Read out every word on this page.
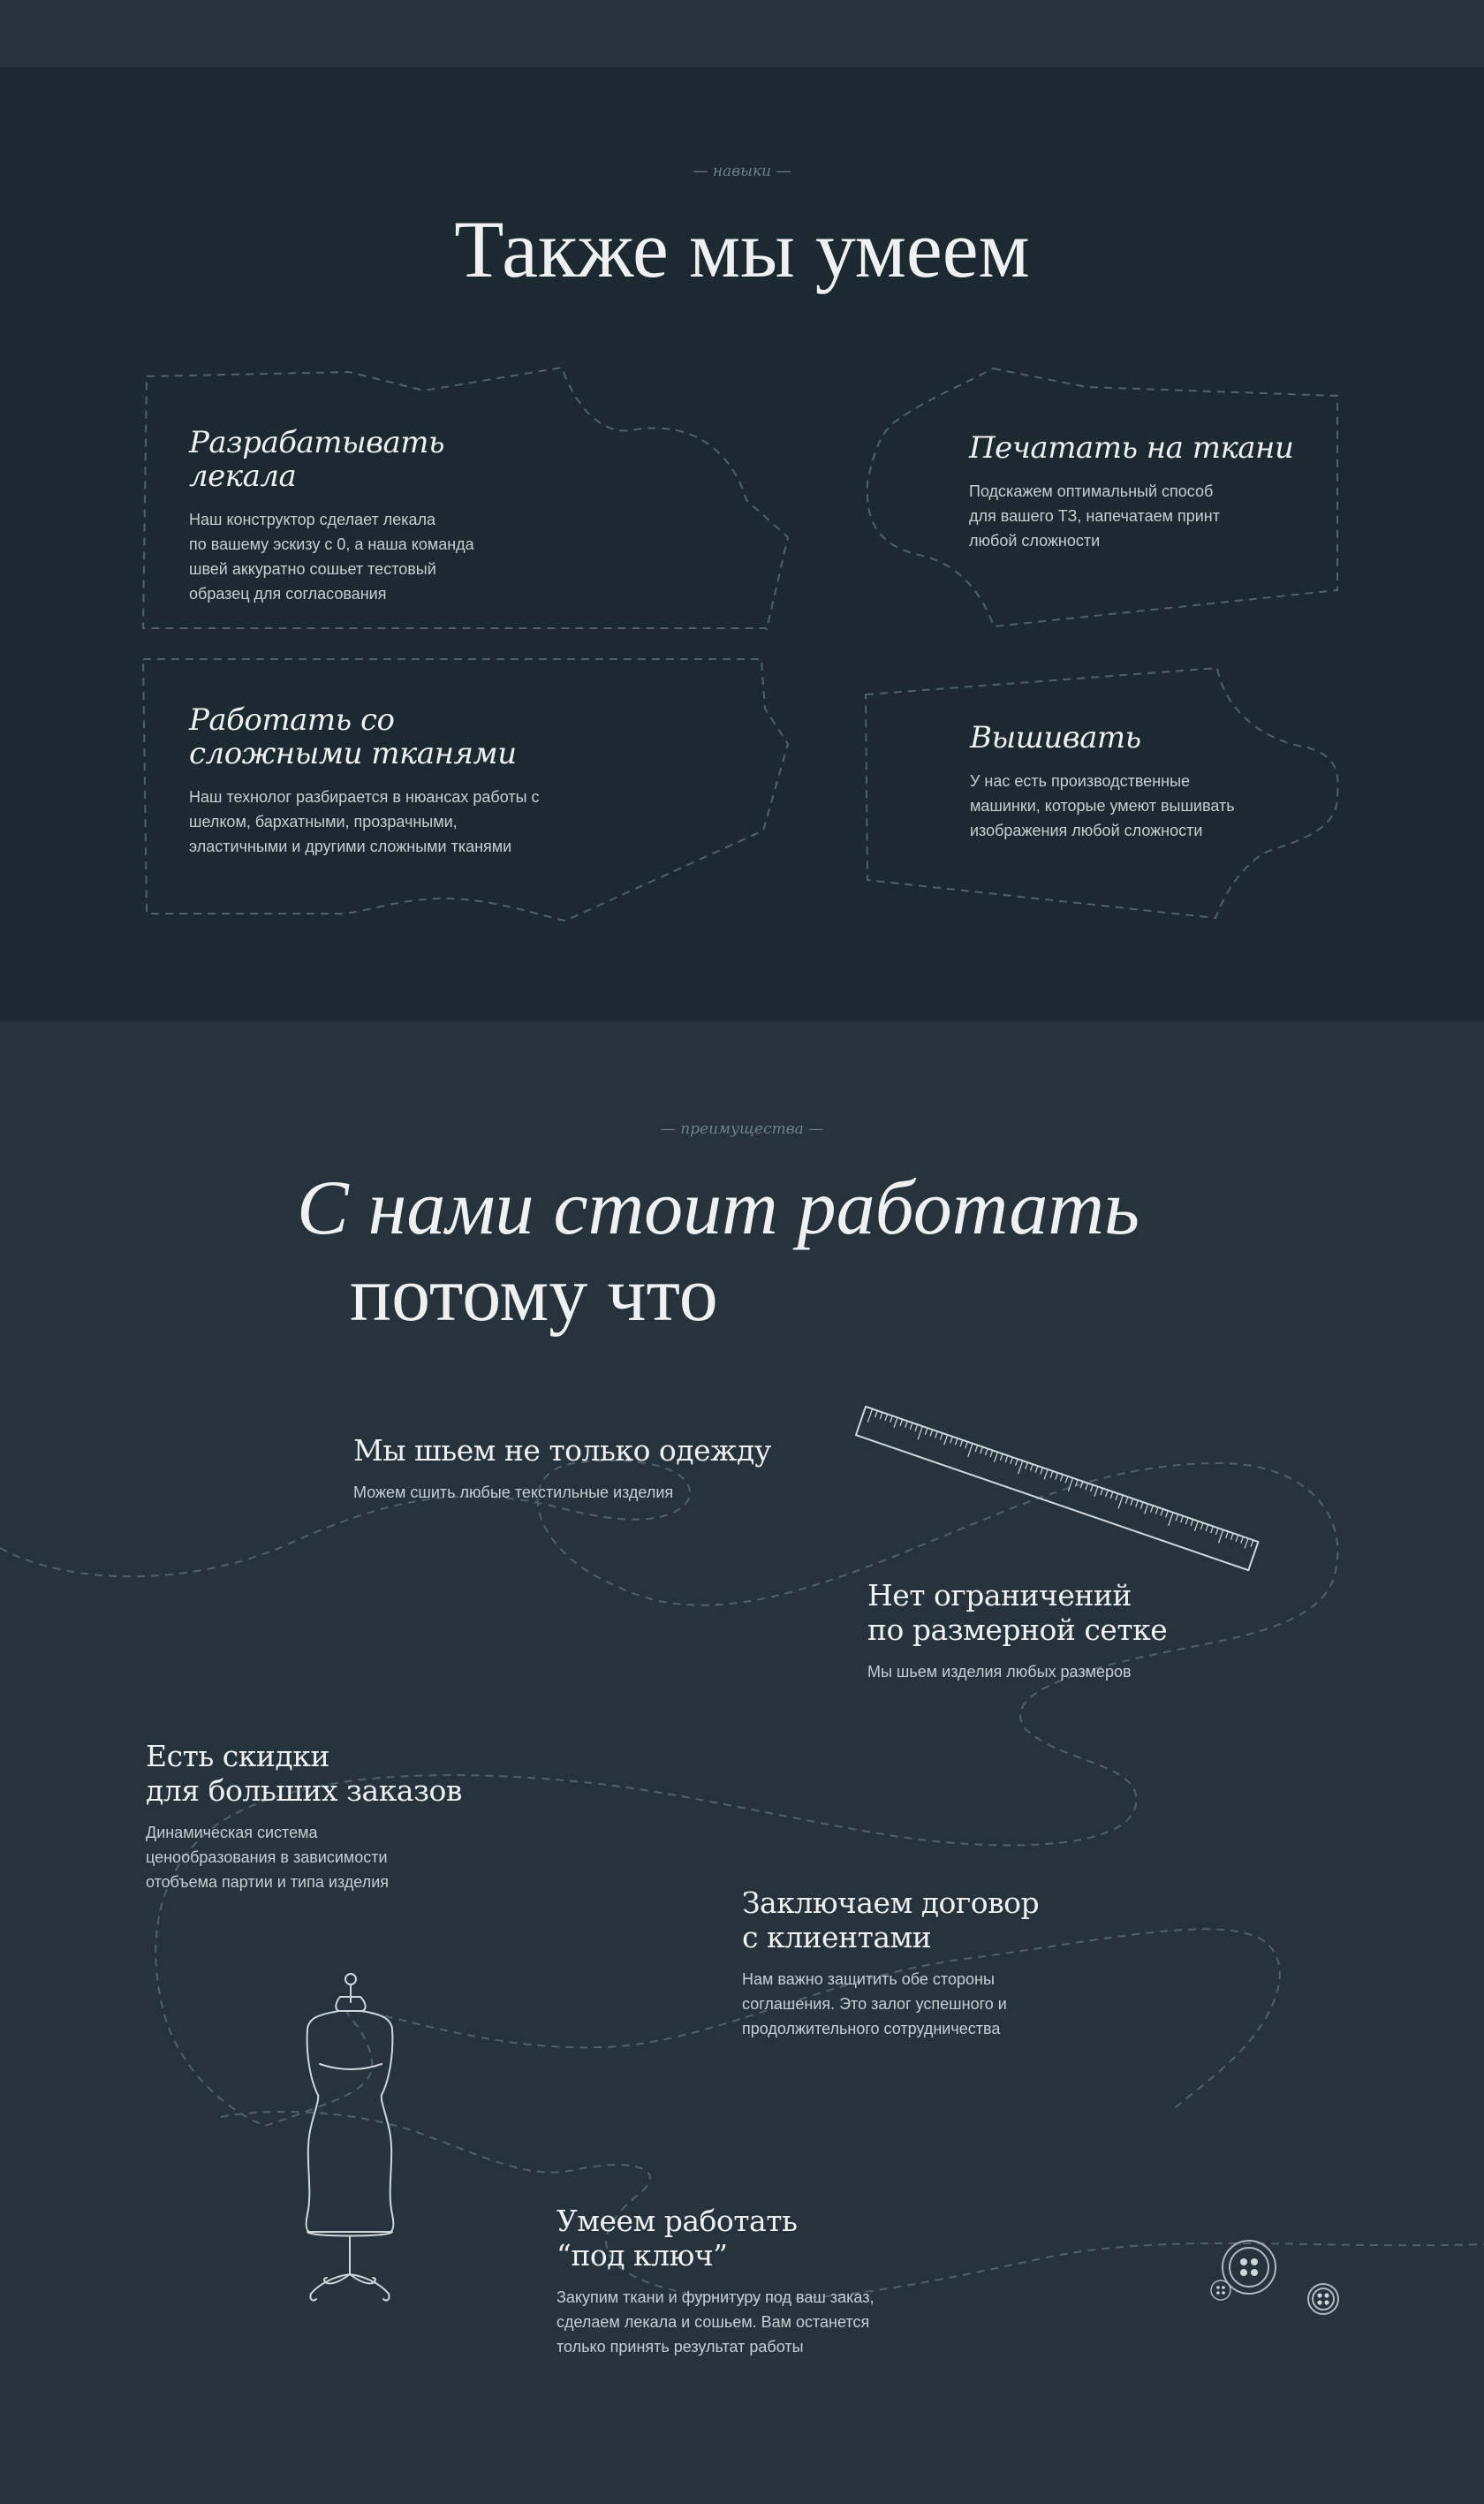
— навыки —
Также мы умеем
Разрабатывать лекала

Наш конструктор сделает лекала
по вашему эскизу с 0, а наша команда
швей аккуратно сошьет тестовый
образец для согласования

Печатать на ткани

Подскажем оптимальный способ
для вашего ТЗ, напечатаем принт
любой сложности

Работать со
сложными тканями

Наш технолог разбирается в нюансах работы с
шелком, бархатными, прозрачными,
эластичными и другими сложными тканями

Вышивать

У нас есть производственные
машинки, которые умеют вышивать
изображения любой сложности

— преимущества —
С нами стоит работать
потому что
Мы шьем не только одежду

Можем сшить любые текстильные изделия

Нет ограничений
по размерной сетке

Мы шьем изделия любых размеров

Есть скидки
для больших заказов

Динамическая система
ценообразования в зависимости
отобъема партии и типа изделия

Заключаем договор
с клиентами

Нам важно защитить обе стороны
соглашения. Это залог успешного и
продолжительного сотрудничества

Умеем работать
“под ключ”

Закупим ткани и фурнитуру под ваш заказ,
сделаем лекала и сошьем. Вам останется
только принять результат работы
